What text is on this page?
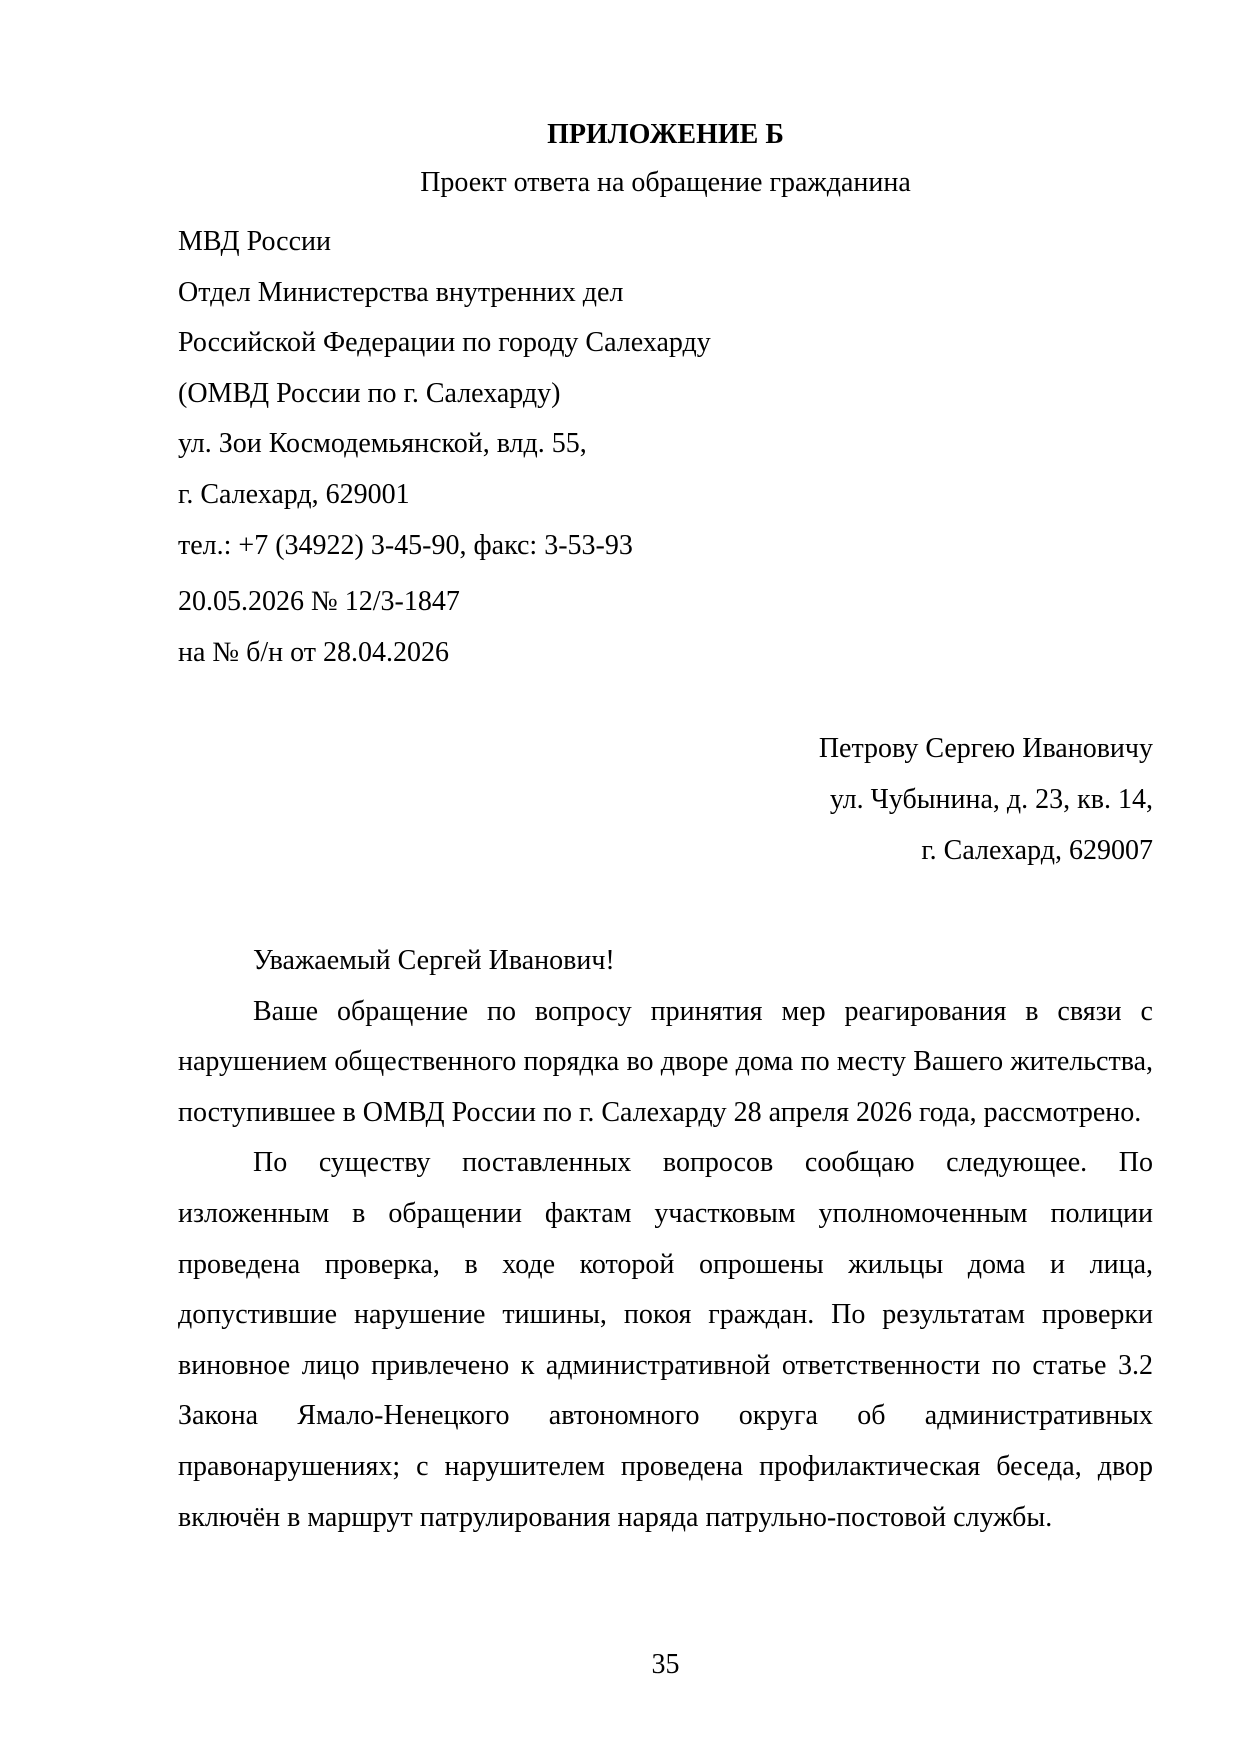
ПРИЛОЖЕНИЕ Б
Проект ответа на обращение гражданина
МВД России
Отдел Министерства внутренних дел
Российской Федерации по городу Салехарду
(ОМВД России по г. Салехарду)
ул. Зои Космодемьянской, влд. 55,
г. Салехард, 629001
тел.: +7 (34922) 3-45-90, факс: 3-53-93
20.05.2026 № 12/3-1847
на № б/н от 28.04.2026
Петрову Сергею Ивановичу
ул. Чубынина, д. 23, кв. 14,
г. Салехард, 629007

Уважаемый Сергей Иванович!

Ваше обращение по вопросу принятия мер реагирования в связи с нарушением общественного порядка во дворе дома по месту Вашего жительства, поступившее в ОМВД России по г. Салехарду 28 апреля 2026 года, рассмотрено.

По существу поставленных вопросов сообщаю следующее. По изложенным в обращении фактам участковым уполномоченным полиции проведена проверка, в ходе которой опрошены жильцы дома и лица, допустившие нарушение тишины, покоя граждан. По результатам проверки виновное лицо привлечено к административной ответственности по статье 3.2 Закона Ямало-Ненецкого автономного округа об административных правонарушениях; с нарушителем проведена профилактическая беседа, двор включён в маршрут патрулирования наряда патрульно-постовой службы.

35
